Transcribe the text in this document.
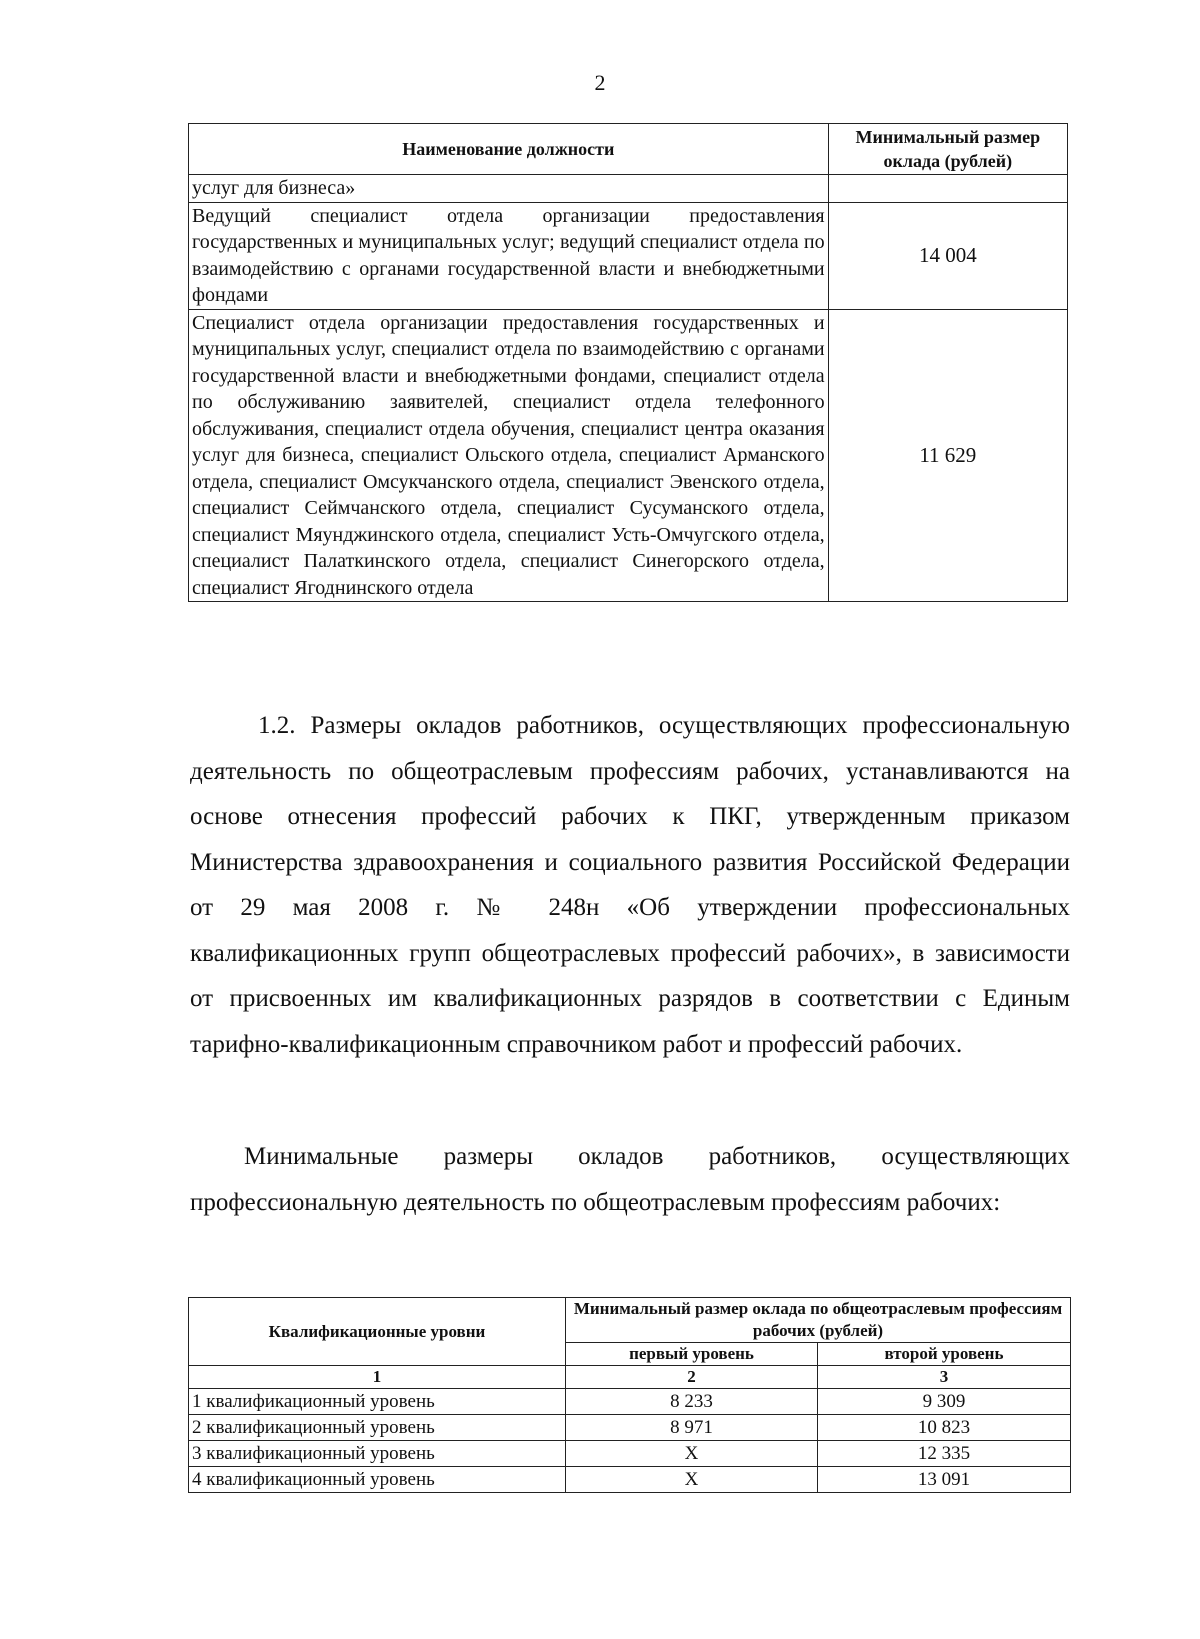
2
Наименование должности	Минимальный размер оклада (рублей)
услуг для бизнеса»	
Ведущий специалист отдела организации предоставления государственных и муниципальных услуг; ведущий специалист отдела по взаимодействию с органами государственной власти и внебюджетными фондами	14 004
Специалист отдела организации предоставления государственных и муниципальных услуг, специалист отдела по взаимодействию с органами государственной власти и внебюджетными фондами, специалист отдела по обслуживанию заявителей, специалист отдела телефонного обслуживания, специалист отдела обучения, специалист центра оказания услуг для бизнеса, специалист Ольского отдела, специалист Арманского отдела, специалист Омсукчанского отдела, специалист Эвенского отдела, специалист Сеймчанского отдела, специалист Сусуманского отдела, специалист Мяунджинского отдела, специалист Усть-Омчугского отдела, специалист Палаткинского отдела, специалист Синегорского отдела, специалист Ягоднинского отдела	11 629

1.2. Размеры окладов работников, осуществляющих профессиональную деятельность по общеотраслевым профессиям рабочих, устанавливаются на основе отнесения профессий рабочих к ПКГ, утвержденным приказом Министерства здравоохранения и социального развития Российской Федерации от 29 мая 2008 г. № 248н «Об утверждении профессиональных квалификационных групп общеотраслевых профессий рабочих», в зависимости от присвоенных им квалификационных разрядов в соответствии с Единым тарифно-квалификационным справочником работ и профессий рабочих.

Минимальные размеры окладов работников, осуществляющих профессиональную деятельность по общеотраслевым профессиям рабочих:

Квалификационные уровни	Минимальный размер оклада по общеотраслевым профессиям рабочих (рублей)	
	первый уровень	второй уровень
1	2	3
1 квалификационный уровень	8 233	9 309
2 квалификационный уровень	8 971	10 823
3 квалификационный уровень	Х	12 335
4 квалификационный уровень	Х	13 091
